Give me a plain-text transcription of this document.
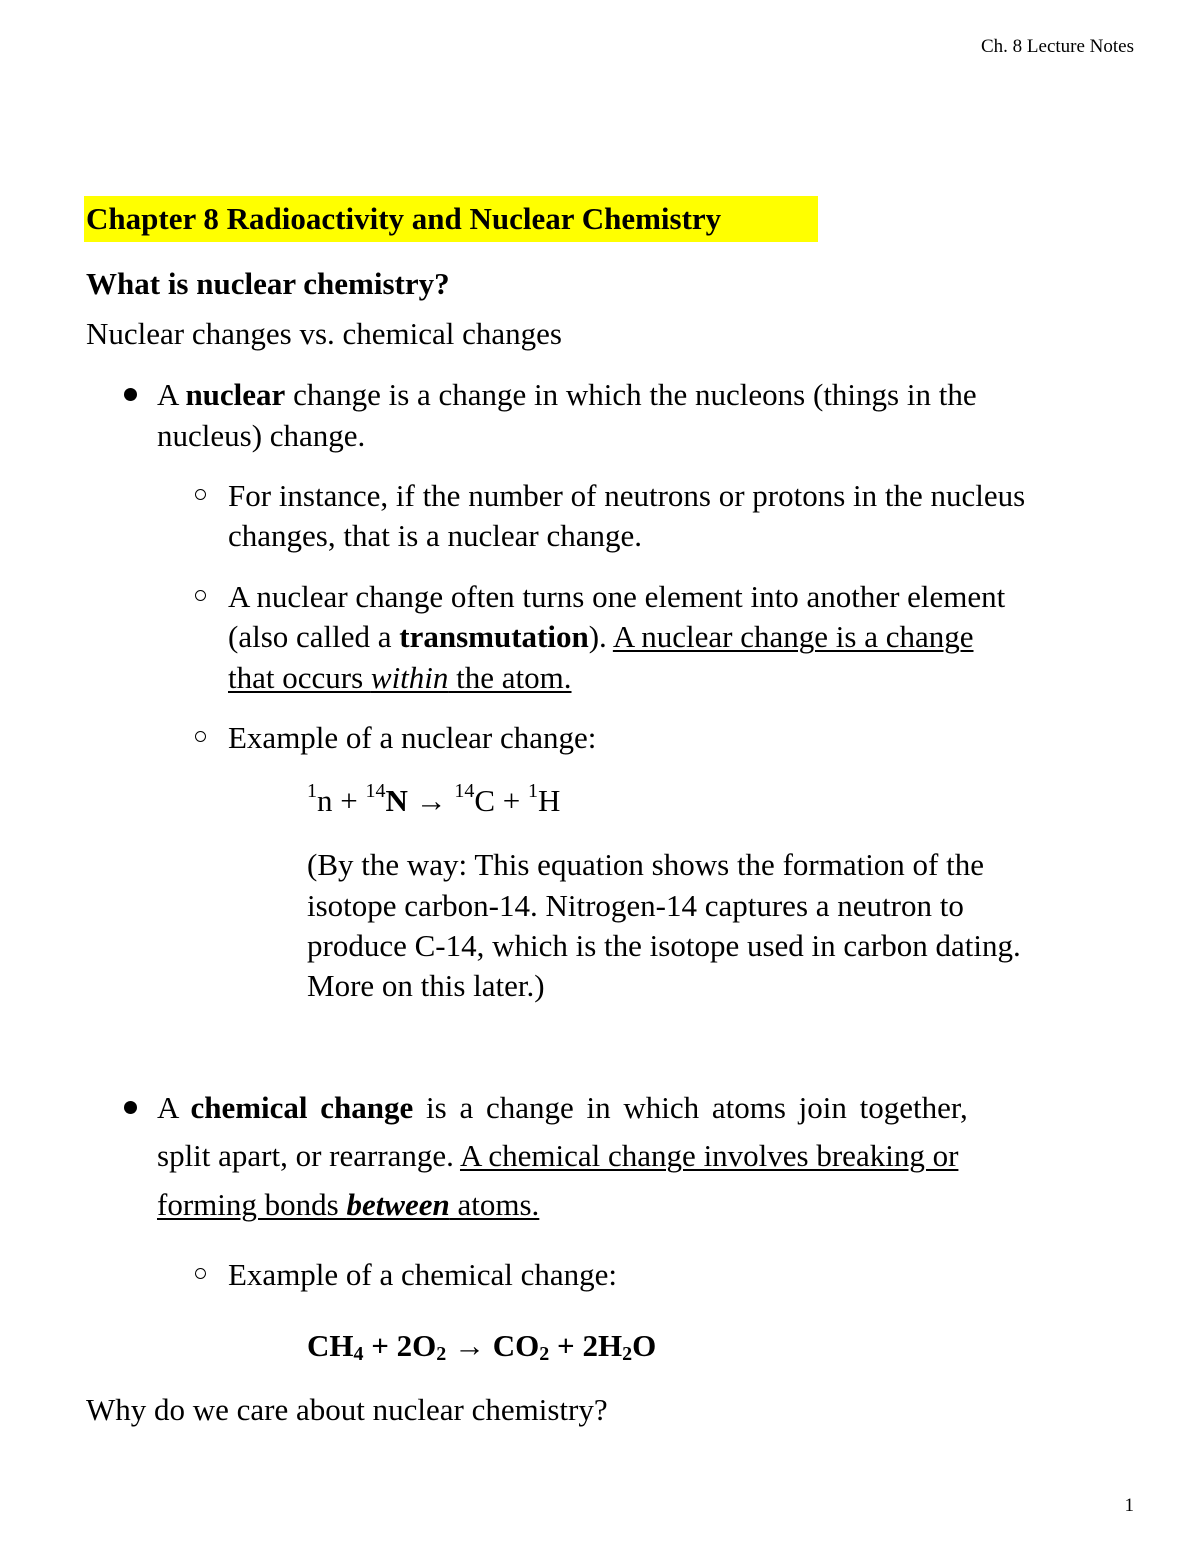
Ch. 8 Lecture Notes
Chapter 8 Radioactivity and Nuclear Chemistry
What is nuclear chemistry?
Nuclear changes vs. chemical changes
A nuclear change is a change in which the nucleons (things in the
nucleus) change.
For instance, if the number of neutrons or protons in the nucleus
changes, that is a nuclear change.
A nuclear change often turns one element into another element
(also called a transmutation). A nuclear change is a change
that occurs within the atom.
Example of a nuclear change:
$^1$n + $^{14}$N → $^{14}$C + $^1$H
(By the way: This equation shows the formation of the
isotope carbon-14. Nitrogen-14 captures a neutron to
produce C-14, which is the isotope used in carbon dating.
More on this later.)
A chemical change is a change in which atoms join together,
split apart, or rearrange. A chemical change involves breaking or
forming bonds between atoms.
Example of a chemical change:
$CH_4 + 2O_2 \to CO_2 + 2H_2O$
Why do we care about nuclear chemistry?
1
